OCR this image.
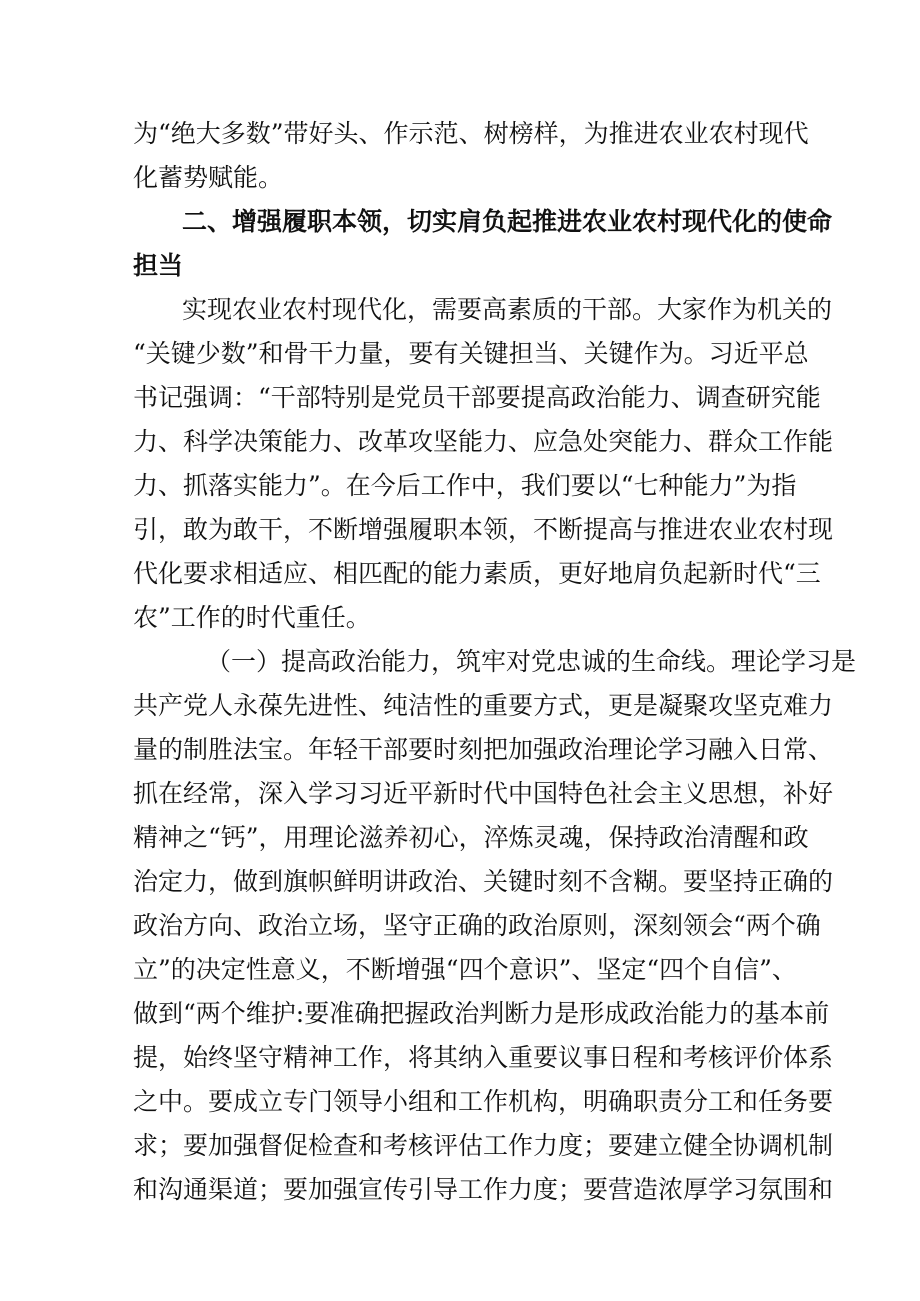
为“绝大多数”带好头、作示范、树榜样，为推进农业农村现代
化蓄势赋能。
二、增强履职本领，切实肩负起推进农业农村现代化的使命
担当
实现农业农村现代化，需要高素质的干部。大家作为机关的
“关键少数”和骨干力量，要有关键担当、关键作为。习近平总
书记强调：“干部特别是党员干部要提高政治能力、调查研究能
力、科学决策能力、改革攻坚能力、应急处突能力、群众工作能
力、抓落实能力”。在今后工作中，我们要以“七种能力”为指
引，敢为敢干，不断增强履职本领，不断提高与推进农业农村现
代化要求相适应、相匹配的能力素质，更好地肩负起新时代“三
农”工作的时代重任。
（一）提高政治能力，筑牢对党忠诚的生命线。理论学习是
共产党人永葆先进性、纯洁性的重要方式，更是凝聚攻坚克难力
量的制胜法宝。年轻干部要时刻把加强政治理论学习融入日常、
抓在经常，深入学习习近平新时代中国特色社会主义思想，补好
精神之“钙”，用理论滋养初心，淬炼灵魂，保持政治清醒和政
治定力，做到旗帜鲜明讲政治、关键时刻不含糊。要坚持正确的
政治方向、政治立场，坚守正确的政治原则，深刻领会“两个确
立”的决定性意义，不断增强“四个意识”、坚定“四个自信”、
做到“两个维护:要准确把握政治判断力是形成政治能力的基本前
提，始终坚守精神工作，将其纳入重要议事日程和考核评价体系
之中。要成立专门领导小组和工作机构，明确职责分工和任务要
求；要加强督促检查和考核评估工作力度；要建立健全协调机制
和沟通渠道；要加强宣传引导工作力度；要营造浓厚学习氛围和
